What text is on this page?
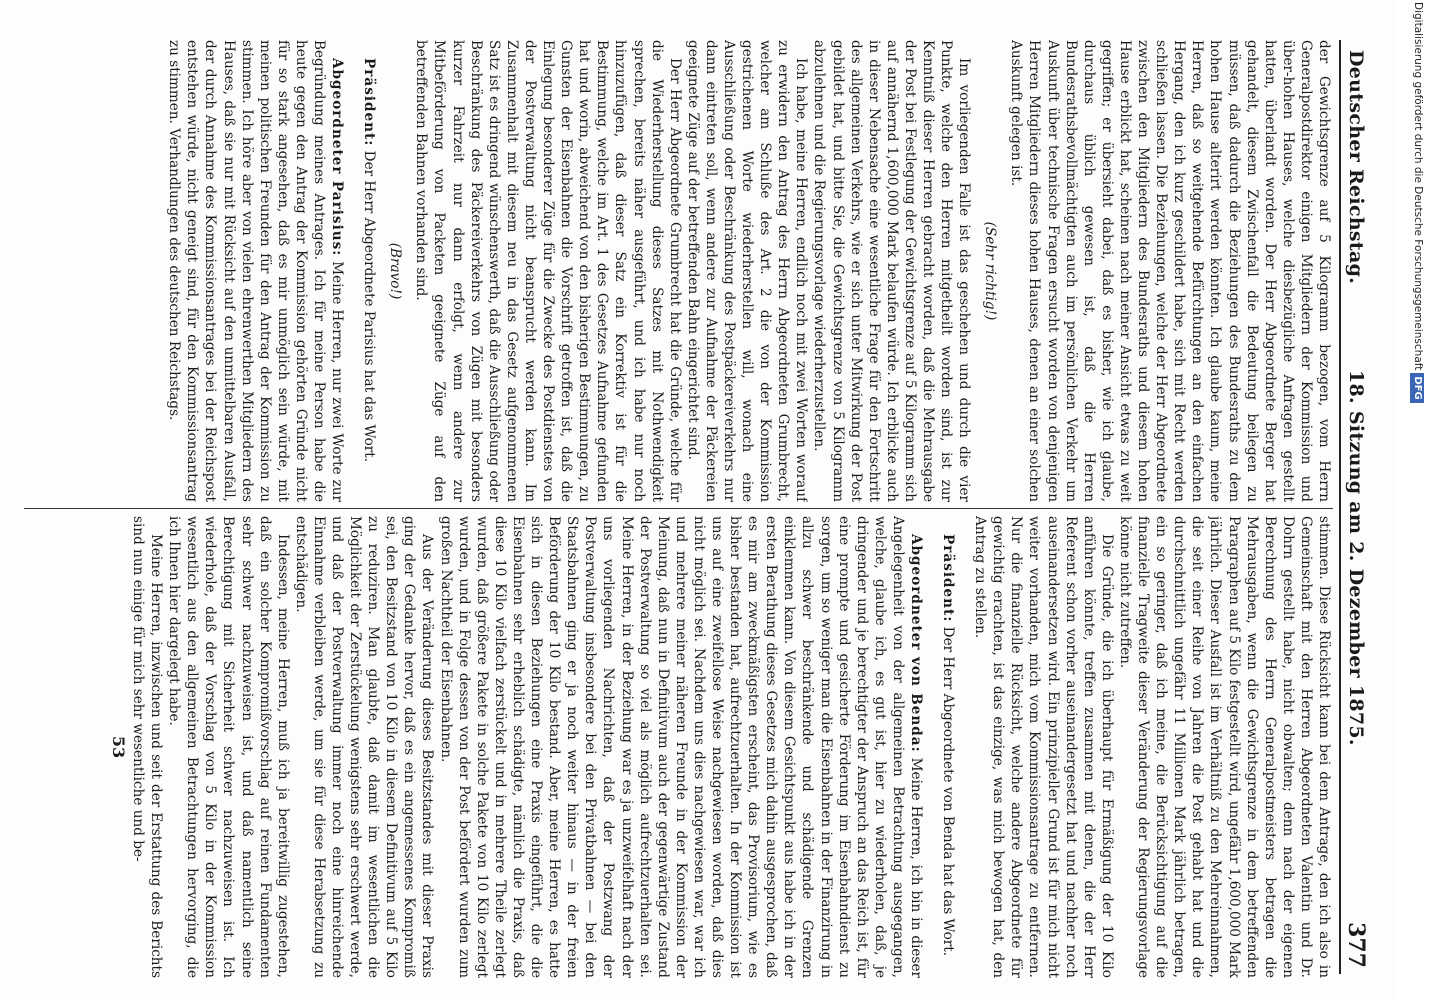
Deutscher Reichstag.
18. Sitzung am 2. Dezember 1875.
377

der Gewichtsgrenze auf 5 Kilogramm bezogen, vom Herrn Generalpostdirektor einigen Mitgliedern der Kommission und über-hohen Hauses, welche diesbezügliche Anfragen gestellt hatten, überlandt worden. Der Herr Abgeordnete Berger hat gehandelt, diesem Zwischenfall die Bedeutung beilegen zu müssen, daß dadurch die Beziehungen des Bundesraths zu dem hohen Hause alterirt werden könnten. Ich glaube kaum, meine Herren, daß so weitgehende Befürchtungen an den einfachen Hergang, den ich kurz geschildert habe, sich mit Recht werden schließen lassen. Die Beziehungen, welche der Herr Abgeordnete zwischen den Mitgliedern des Bundesraths und diesem hohen Hause erblickt hat, scheinen nach meiner Ansicht etwas zu weit gegriffen; er übersieht dabei, daß es bisher, wie ich glaube, durchaus üblich gewesen ist, daß die Herren Bundesrathsbevollmächtigten auch im persönlichen Verkehr um Auskunft über technische Fragen ersucht worden von denjenigen Herren Mitgliedern dieses hohen Hauses, denen an einer solchen Auskunft gelegen ist.

(Sehr richtig!)

Im vorliegenden Falle ist das geschehen und durch die vier Punkte, welche den Herren mitgetheilt worden sind, ist zur Kenntniß dieser Herren gebracht worden, daß die Mehrausgabe der Post bei Festlegung der Gewichtsgrenze auf 5 Kilogramm sich auf annähernd 1,600,000 Mark belaufen würde. Ich erblicke auch in dieser Nebensache eine wesentliche Frage für den Fortschritt des allgemeinen Verkehrs, wie er sich unter Mitwirkung der Post gebildet hat, und bitte Sie, die Gewichtsgrenze von 5 Kilogramm abzulehnen und die Regierungsvorlage wiederherzustellen.

Ich habe, meine Herren, endlich noch mit zwei Worten worauf zu erwidern den Antrag des Herrn Abgeordneten Grumbrecht, welcher am Schluße des Art. 2 die von der Kommission gestrichenen Worte wiederherstellen will, wonach eine Ausschließung oder Beschränkung des Postpäckereiverkehrs nur dann eintreten soll, wenn andere zur Aufnahme der Päckereien geeignete Züge auf der betreffenden Bahn eingerichtet sind.

Der Herr Abgeordnete Grumbrecht hat die Gründe, welche für die Wiederherstellung dieses Satzes mit Nothwendigkeit sprechen, bereits näher ausgeführt, und ich habe nur noch hinzuzufügen, daß dieser Satz ein Korrektiv ist für die Bestimmung, welche im Art. 1 des Gesetzes Aufnahme gefunden hat und worin, abweichend von den bisherigen Bestimmungen, zu Gunsten der Eisenbahnen die Vorschrift getroffen ist, daß die Einlegung besonderer Züge für die Zwecke des Postdienstes von der Postverwaltung nicht beansprucht werden kann. Im Zusammenhalt mit diesem neu in das Gesetz aufgenommenen Satz ist es dringend wünschenswerth, daß die Ausschließung oder Beschränkung des Päckereiverkehrs von Zügen mit besonders kurzer Fahrzeit nur dann erfolgt, wenn andere zur Mitbeförderung von Packeten geeignete Züge auf den betreffenden Bahnen vorhanden sind.

(Bravo!)

Präsident: Der Herr Abgeordnete Parisius hat das Wort.

Abgeordneter Parisius: Meine Herren, nur zwei Worte zur Begründung meines Antrages. Ich für meine Person habe die heute gegen den Antrag der Kommission gehörten Gründe nicht für so stark angesehen, daß es mir unmöglich sein würde, mit meinen politischen Freunden für den Antrag der Kommission zu stimmen. Ich höre aber von vielen ehrenwerthen Mitgliedern des Hauses, daß sie nur mit Rücksicht auf den unmittelbaren Ausfall, der durch Annahme des Kommissionsantrages bei der Reichspost entstehen würde, nicht geneigt sind, für den Kommissionsantrag zu stimmen. Verhandlungen des deutschen Reichstags.

stimmen. Diese Rücksicht kann bei dem Antrage, den ich also in Gemeinschaft mit den Herren Abgeordneten Valentin und Dr. Dohrn gestellt habe, nicht obwalten; denn nach der eigenen Berechnung des Herrn Generalpostmeisters betragen die Mehrausgaben, wenn die Gewichtsgrenze in dem betreffenden Paragraphen auf 5 Kilo festgestellt wird, ungefähr 1,600,000 Mark jährlich. Dieser Ausfall ist im Verhältniß zu den Mehreinnahmen, die seit einer Reihe von Jahren die Post gehabt hat und die durchschnittlich ungefähr 11 Millionen Mark jährlich betragen, ein so geringer, daß ich meine, die Berücksichtigung auf die finanzielle Tragweite dieser Veränderung der Regierungsvorlage könne nicht zutreffen.

Die Gründe, die ich überhaupt für Ermäßigung der 10 Kilo anführen könnte, treffen zusammen mit denen, die der Herr Referent schon vorher auseinandergesetzt hat und nachher noch auseinandersetzen wird. Ein prinzipieller Grund ist für mich nicht weiter vorhanden, mich vom Kommissionsantrage zu entfernen. Nur die finanzielle Rücksicht, welche andere Abgeordnete für gewichtig erachten, ist das einzige, was mich bewogen hat, den Antrag zu stellen.

Präsident: Der Herr Abgeordnete von Benda hat das Wort.

Abgeordneter von Benda: Meine Herren, ich bin in dieser Angelegenheit von der allgemeinen Betrachtung ausgegangen, welche, glaube ich, es gut ist, hier zu wiederholen, daß, je dringender und je berechtigter der Anspruch an das Reich ist, für eine prompte und gesicherte Förderung im Eisenbahndienst zu sorgen, um so weniger man die Eisenbahnen in der Finanzirung in allzu schwer beschränkende und schädigende Grenzen einklemmen kann. Von diesem Gesichtspunkt aus habe ich in der ersten Berathung dieses Gesetzes mich dahin ausgesprochen, daß es mir am zweckmäßigsten erscheint, das Provisorium, wie es bisher bestanden hat, aufrechtzuerhalten. In der Kommission ist uns auf eine zweifellose Weise nachgewiesen worden, daß dies nicht möglich sei. Nachdem uns dies nachgewiesen war, war ich und mehrere meiner näheren Freunde in der Kommission der Meinung, daß nun in Definitivum auch der gegenwärtige Zustand der Postverwaltung so viel als möglich aufrechtzuerhalten sei. Meine Herren, in der Beziehung war es ja unzweifelhaft nach der uns vorliegenden Nachrichten, daß der Postzwang der Postverwaltung insbesondere bei den Privatbahnen — bei den Staatsbahnen ging er ja noch weiter hinaus — in der freien Beförderung der 10 Kilo bestand. Aber, meine Herren, es hatte sich in diesen Beziehungen eine Praxis eingeführt, die die Eisenbahnen sehr erheblich schädigte, nämlich die Praxis, daß diese 10 Kilo vielfach zerstückelt und in mehrere Theile zerlegt wurden, daß größere Pakete in solche Pakete von 10 Kilo zerlegt wurden, und in Folge dessen von der Post befördert wurden zum großen Nachtheil der Eisenbahnen.

Aus der Veränderung dieses Besitzstandes mit dieser Praxis ging der Gedanke hervor, daß es ein angemessenes Kompromiß sei, den Besitzstand von 10 Kilo in diesem Definitivum auf 5 Kilo zu reduziren. Man glaubte, daß damit im wesentlichen die Möglichkeit der Zerstückelung wenigstens sehr erschwert werde, und daß der Postverwaltung immer noch eine hinreichende Einnahme verbleiben werde, um sie für diese Herabsetzung zu entschädigen.

Indessen, meine Herren, muß ich ja bereitwillig zugestehen, daß ein solcher Kompromißvorschlag auf reinen Fundamenten sehr schwer nachzuweisen ist, und daß namentlich seine Berechtigung mit Sicherheit schwer nachzuweisen ist. Ich wiederhole, daß der Vorschlag von 5 Kilo in der Kommission wesentlich aus den allgemeinen Betrachtungen hervorging, die ich Ihnen hier dargelegt habe.

Meine Herren, inzwischen und seit der Erstattung des Berichts sind nun einige für mich sehr wesentliche und be-

53
Digitalisierung gefördert durch die Deutsche ForschungsgemeinschaftDFG
